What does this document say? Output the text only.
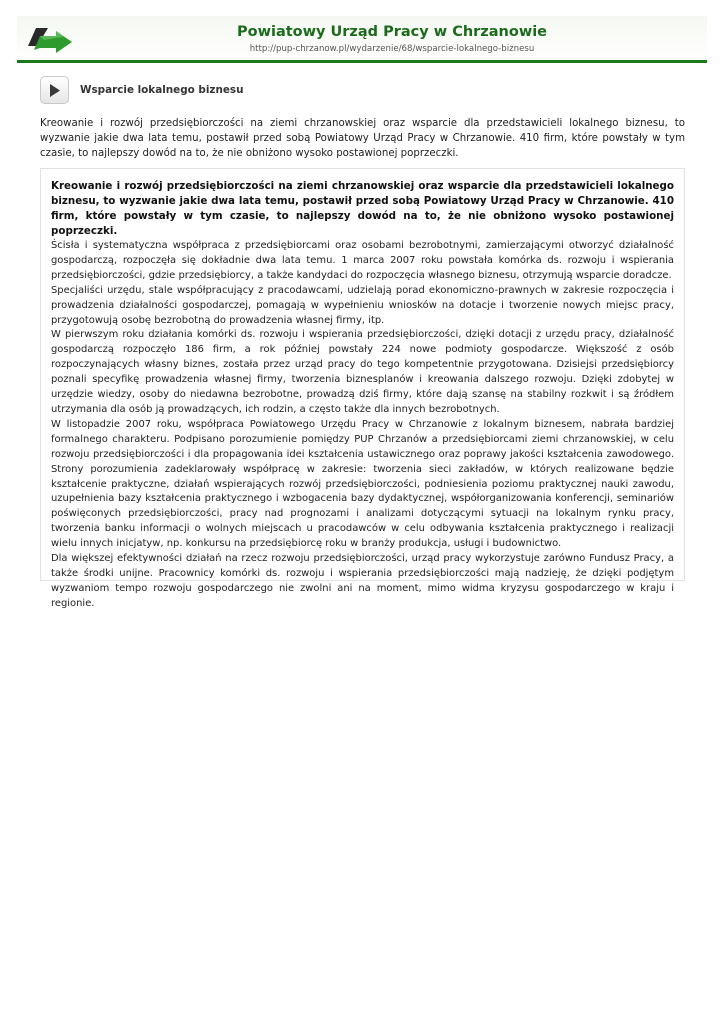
Powiatowy Urząd Pracy w Chrzanowie
http://pup-chrzanow.pl/wydarzenie/68/wsparcie-lokalnego-biznesu
Wsparcie lokalnego biznesu

Kreowanie i rozwój przedsiębiorczości na ziemi chrzanowskiej oraz wsparcie dla przedstawicieli lokalnego biznesu, to wyzwanie jakie dwa lata temu, postawił przed sobą Powiatowy Urząd Pracy w Chrzanowie. 410 firm, które powstały w tym czasie, to najlepszy dowód na to, że nie obniżono wysoko postawionej poprzeczki.

Kreowanie i rozwój przedsiębiorczości na ziemi chrzanowskiej oraz wsparcie dla przedstawicieli lokalnego biznesu, to wyzwanie jakie dwa lata temu, postawił przed sobą Powiatowy Urząd Pracy w Chrzanowie. 410 firm, które powstały w tym czasie, to najlepszy dowód na to, że nie obniżono wysoko postawionej poprzeczki.

Ścisła i systematyczna współpraca z przedsiębiorcami oraz osobami bezrobotnymi, zamierzającymi otworzyć działalność gospodarczą, rozpoczęła się dokładnie dwa lata temu. 1 marca 2007 roku powstała komórka ds. rozwoju i wspierania przedsiębiorczości, gdzie przedsiębiorcy, a także kandydaci do rozpoczęcia własnego biznesu, otrzymują wsparcie doradcze.

Specjaliści urzędu, stale współpracujący z pracodawcami, udzielają porad ekonomiczno-prawnych w zakresie rozpoczęcia i prowadzenia działalności gospodarczej, pomagają w wypełnieniu wniosków na dotacje i tworzenie nowych miejsc pracy, przygotowują osobę bezrobotną do prowadzenia własnej firmy, itp.

W pierwszym roku działania komórki ds. rozwoju i wspierania przedsiębiorczości, dzięki dotacji z urzędu pracy, działalność gospodarczą rozpoczęło 186 firm, a rok później powstały 224 nowe podmioty gospodarcze. Większość z osób rozpoczynających własny biznes, została przez urząd pracy do tego kompetentnie przygotowana. Dzisiejsi przedsiębiorcy poznali specyfikę prowadzenia własnej firmy, tworzenia biznesplanów i kreowania dalszego rozwoju. Dzięki zdobytej w urzędzie wiedzy, osoby do niedawna bezrobotne, prowadzą dziś firmy, które dają szansę na stabilny rozkwit i są źródłem utrzymania dla osób ją prowadzących, ich rodzin, a często także dla innych bezrobotnych.

W listopadzie 2007 roku, współpraca Powiatowego Urzędu Pracy w Chrzanowie z lokalnym biznesem, nabrała bardziej formalnego charakteru. Podpisano porozumienie pomiędzy PUP Chrzanów a przedsiębiorcami ziemi chrzanowskiej, w celu rozwoju przedsiębiorczości i dla propagowania idei kształcenia ustawicznego oraz poprawy jakości kształcenia zawodowego. Strony porozumienia zadeklarowały współpracę w zakresie: tworzenia sieci zakładów, w których realizowane będzie kształcenie praktyczne, działań wspierających rozwój przedsiębiorczości, podniesienia poziomu praktycznej nauki zawodu, uzupełnienia bazy kształcenia praktycznego i wzbogacenia bazy dydaktycznej, współorganizowania konferencji, seminariów poświęconych przedsiębiorczości, pracy nad prognozami i analizami dotyczącymi sytuacji na lokalnym rynku pracy, tworzenia banku informacji o wolnych miejscach u pracodawców w celu odbywania kształcenia praktycznego i realizacji wielu innych inicjatyw, np. konkursu na przedsiębiorcę roku w branży produkcja, usługi i budownictwo.

Dla większej efektywności działań na rzecz rozwoju przedsiębiorczości, urząd pracy wykorzystuje zarówno Fundusz Pracy, a także środki unijne. Pracownicy komórki ds. rozwoju i wspierania przedsiębiorczości mają nadzieję, że dzięki podjętym wyzwaniom tempo rozwoju gospodarczego nie zwolni ani na moment, mimo widma kryzysu gospodarczego w kraju i regionie.
